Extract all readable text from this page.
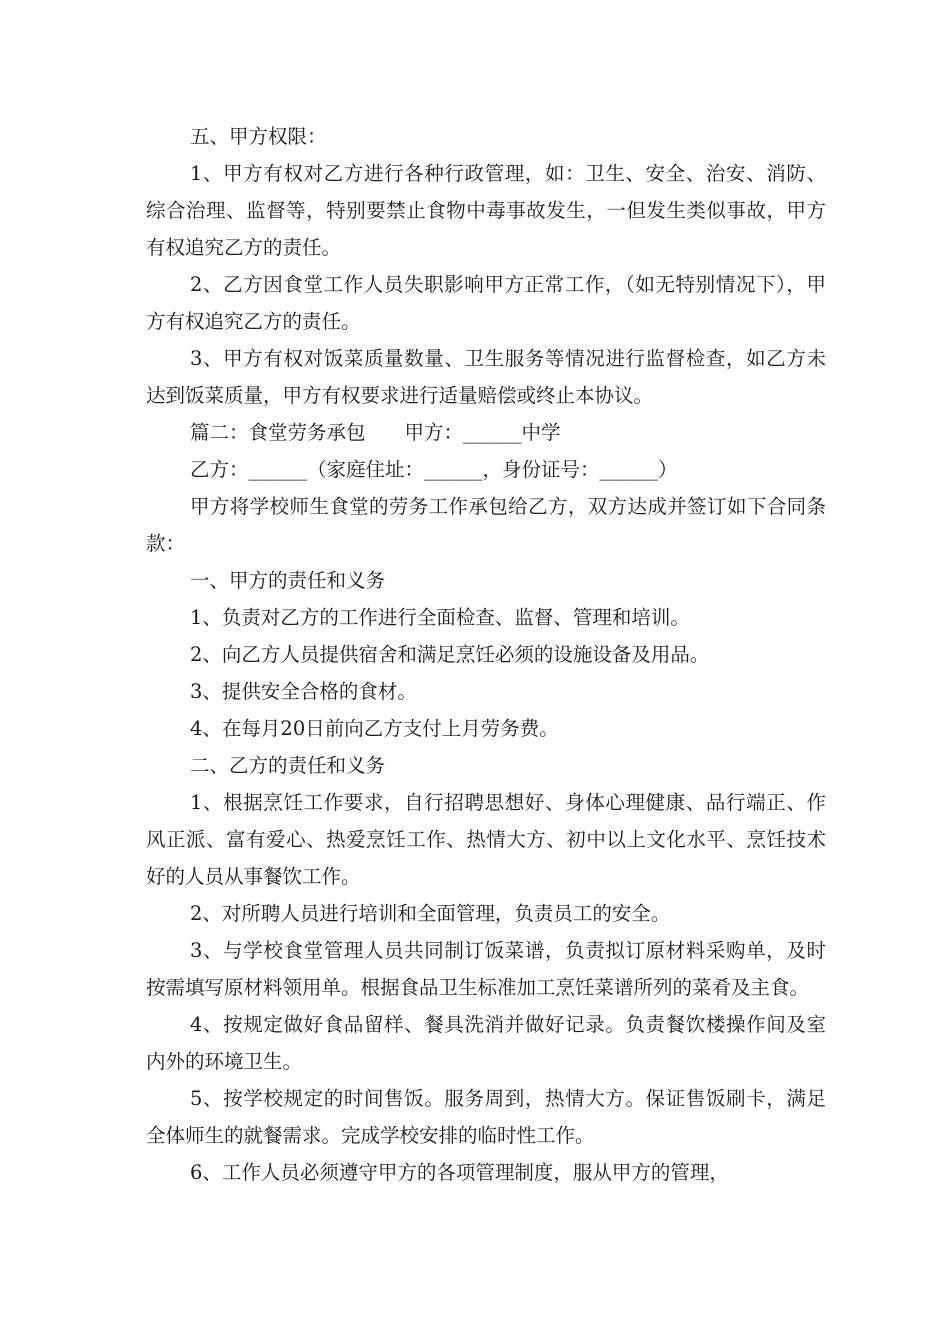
五、甲方权限：

1、甲方有权对乙方进行各种行政管理，如：卫生、安全、治安、消防、综合治理、监督等，特别要禁止食物中毒事故发生，一但发生类似事故，甲方有权追究乙方的责任。

2、乙方因食堂工作人员失职影响甲方正常工作，（如无特别情况下），甲方有权追究乙方的责任。

3、甲方有权对饭菜质量数量、卫生服务等情况进行监督检查，如乙方未达到饭菜质量，甲方有权要求进行适量赔偿或终止本协议。

篇二：食堂劳务承包　　甲方：______中学

乙方：______（家庭住址：______，身份证号：______）

甲方将学校师生食堂的劳务工作承包给乙方，双方达成并签订如下合同条款：

一、甲方的责任和义务

1、负责对乙方的工作进行全面检查、监督、管理和培训。

2、向乙方人员提供宿舍和满足烹饪必须的设施设备及用品。

3、提供安全合格的食材。

4、在每月20日前向乙方支付上月劳务费。

二、乙方的责任和义务

1、根据烹饪工作要求，自行招聘思想好、身体心理健康、品行端正、作风正派、富有爱心、热爱烹饪工作、热情大方、初中以上文化水平、烹饪技术好的人员从事餐饮工作。

2、对所聘人员进行培训和全面管理，负责员工的安全。

3、与学校食堂管理人员共同制订饭菜谱，负责拟订原材料采购单，及时按需填写原材料领用单。根据食品卫生标准加工烹饪菜谱所列的菜肴及主食。

4、按规定做好食品留样、餐具洗消并做好记录。负责餐饮楼操作间及室内外的环境卫生。

5、按学校规定的时间售饭。服务周到，热情大方。保证售饭刷卡，满足全体师生的就餐需求。完成学校安排的临时性工作。

6、工作人员必须遵守甲方的各项管理制度，服从甲方的管理，
